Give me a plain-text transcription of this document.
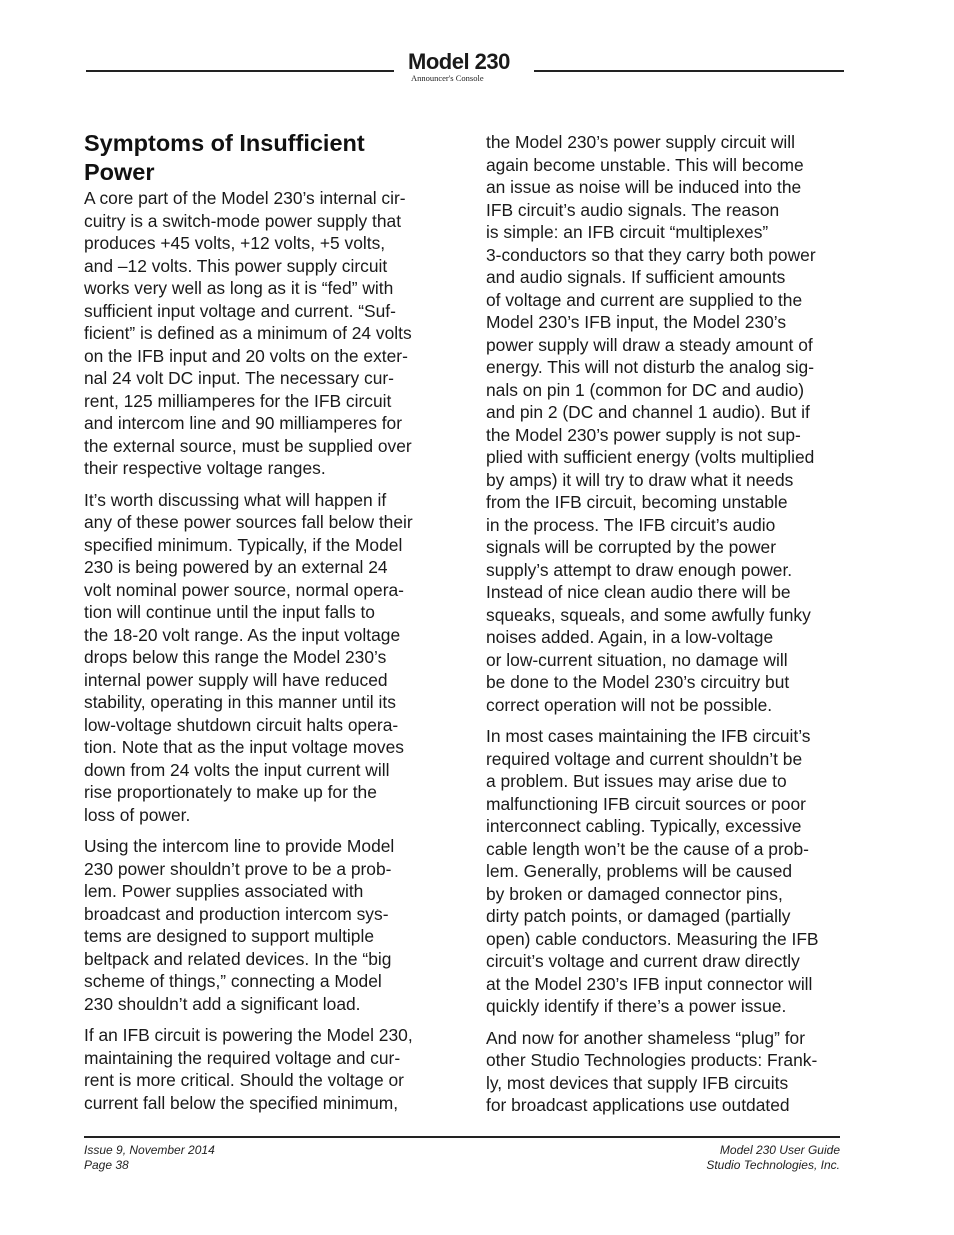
Model 230
Announcer's Console
Symptoms of Insufficient
Power

A core part of the Model 230’s internal cir-
cuitry is a switch-mode power supply that
produces +45 volts, +12 volts, +5 volts,
and –12 volts. This power supply circuit
works very well as long as it is “fed” with
sufficient input voltage and current. “Suf-
ficient” is defined as a minimum of 24 volts
on the IFB input and 20 volts on the exter-
nal 24 volt DC input. The necessary cur-
rent, 125 milliamperes for the IFB circuit
and intercom line and 90 milliamperes for
the external source, must be supplied over
their respective voltage ranges.

It’s worth discussing what will happen if
any of these power sources fall below their
specified minimum. Typically, if the Model
230 is being powered by an external 24
volt nominal power source, normal opera-
tion will continue until the input falls to
the 18-20 volt range. As the input voltage
drops below this range the Model 230’s
internal power supply will have reduced
stability, operating in this manner until its
low-voltage shutdown circuit halts opera-
tion. Note that as the input voltage moves
down from 24 volts the input current will
rise proportionately to make up for the
loss of power.

Using the intercom line to provide Model
230 power shouldn’t prove to be a prob-
lem. Power supplies associated with
broadcast and production intercom sys-
tems are designed to support multiple
beltpack and related devices. In the “big
scheme of things,” connecting a Model
230 shouldn’t add a significant load.

If an IFB circuit is powering the Model 230,
maintaining the required voltage and cur-
rent is more critical. Should the voltage or
current fall below the specified minimum,

the Model 230’s power supply circuit will
again become unstable. This will become
an issue as noise will be induced into the
IFB circuit’s audio signals. The reason
is simple: an IFB circuit “multiplexes”
3-conductors so that they carry both power
and audio signals. If sufficient amounts
of voltage and current are supplied to the
Model 230’s IFB input, the Model 230’s
power supply will draw a steady amount of
energy. This will not disturb the analog sig-
nals on pin 1 (common for DC and audio)
and pin 2 (DC and channel 1 audio). But if
the Model 230’s power supply is not sup-
plied with sufficient energy (volts multiplied
by amps) it will try to draw what it needs
from the IFB circuit, becoming unstable
in the process. The IFB circuit’s audio
signals will be corrupted by the power
supply’s attempt to draw enough power.
Instead of nice clean audio there will be
squeaks, squeals, and some awfully funky
noises added. Again, in a low-voltage
or low-current situation, no damage will
be done to the Model 230’s circuitry but
correct operation will not be possible.

In most cases maintaining the IFB circuit’s
required voltage and current shouldn’t be
a problem. But issues may arise due to
malfunctioning IFB circuit sources or poor
interconnect cabling. Typically, excessive
cable length won’t be the cause of a prob-
lem. Generally, problems will be caused
by broken or damaged connector pins,
dirty patch points, or damaged (partially
open) cable conductors. Measuring the IFB
circuit’s voltage and current draw directly
at the Model 230’s IFB input connector will
quickly identify if there’s a power issue.

And now for another shameless “plug” for
other Studio Technologies products: Frank-
ly, most devices that supply IFB circuits
for broadcast applications use outdated

Issue 9, November 2014
Page 38
Model 230 User Guide
Studio Technologies, Inc.
